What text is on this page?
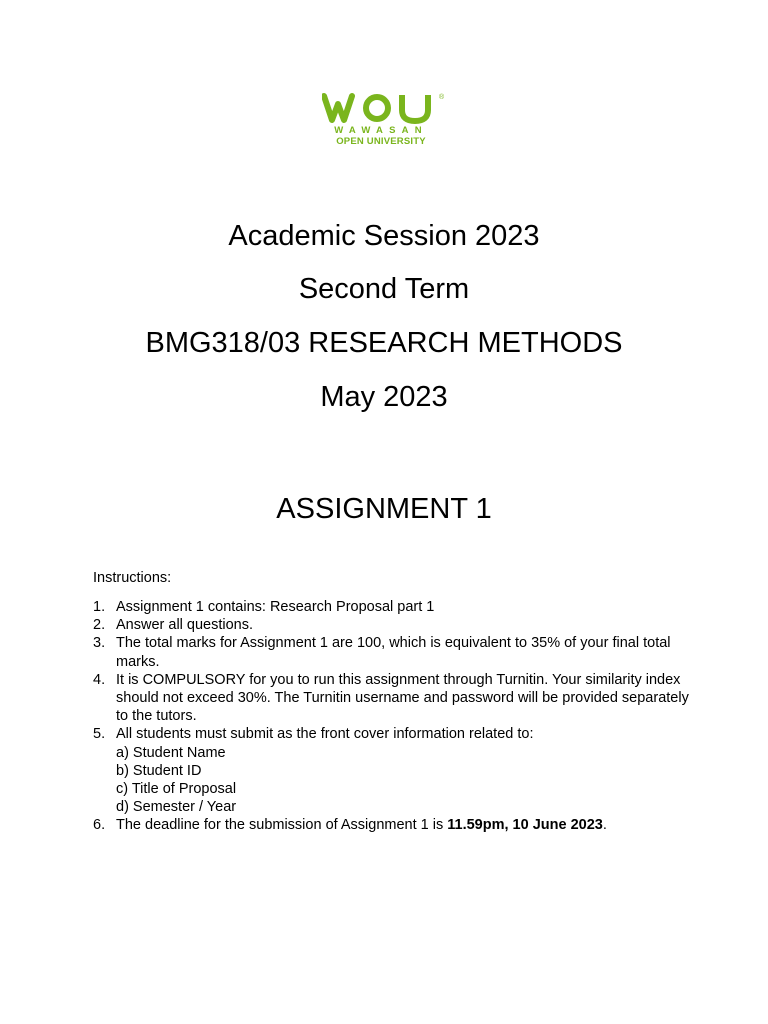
®
WAWASAN
OPEN UNIVERSITY
Academic Session 2023
Second Term
BMG318/03 RESEARCH METHODS
May 2023
ASSIGNMENT 1
Instructions:
1. Assignment 1 contains: Research Proposal part 1
2. Answer all questions.
3. The total marks for Assignment 1 are 100, which is equivalent to 35% of your final total marks.
4. It is COMPULSORY for you to run this assignment through Turnitin. Your similarity index should not exceed 30%. The Turnitin username and password will be provided separately to the tutors.
5. All students must submit as the front cover information related to:
a) Student Name
b) Student ID
c) Title of Proposal
d) Semester / Year
6. The deadline for the submission of Assignment 1 is 11.59pm, 10 June 2023.
